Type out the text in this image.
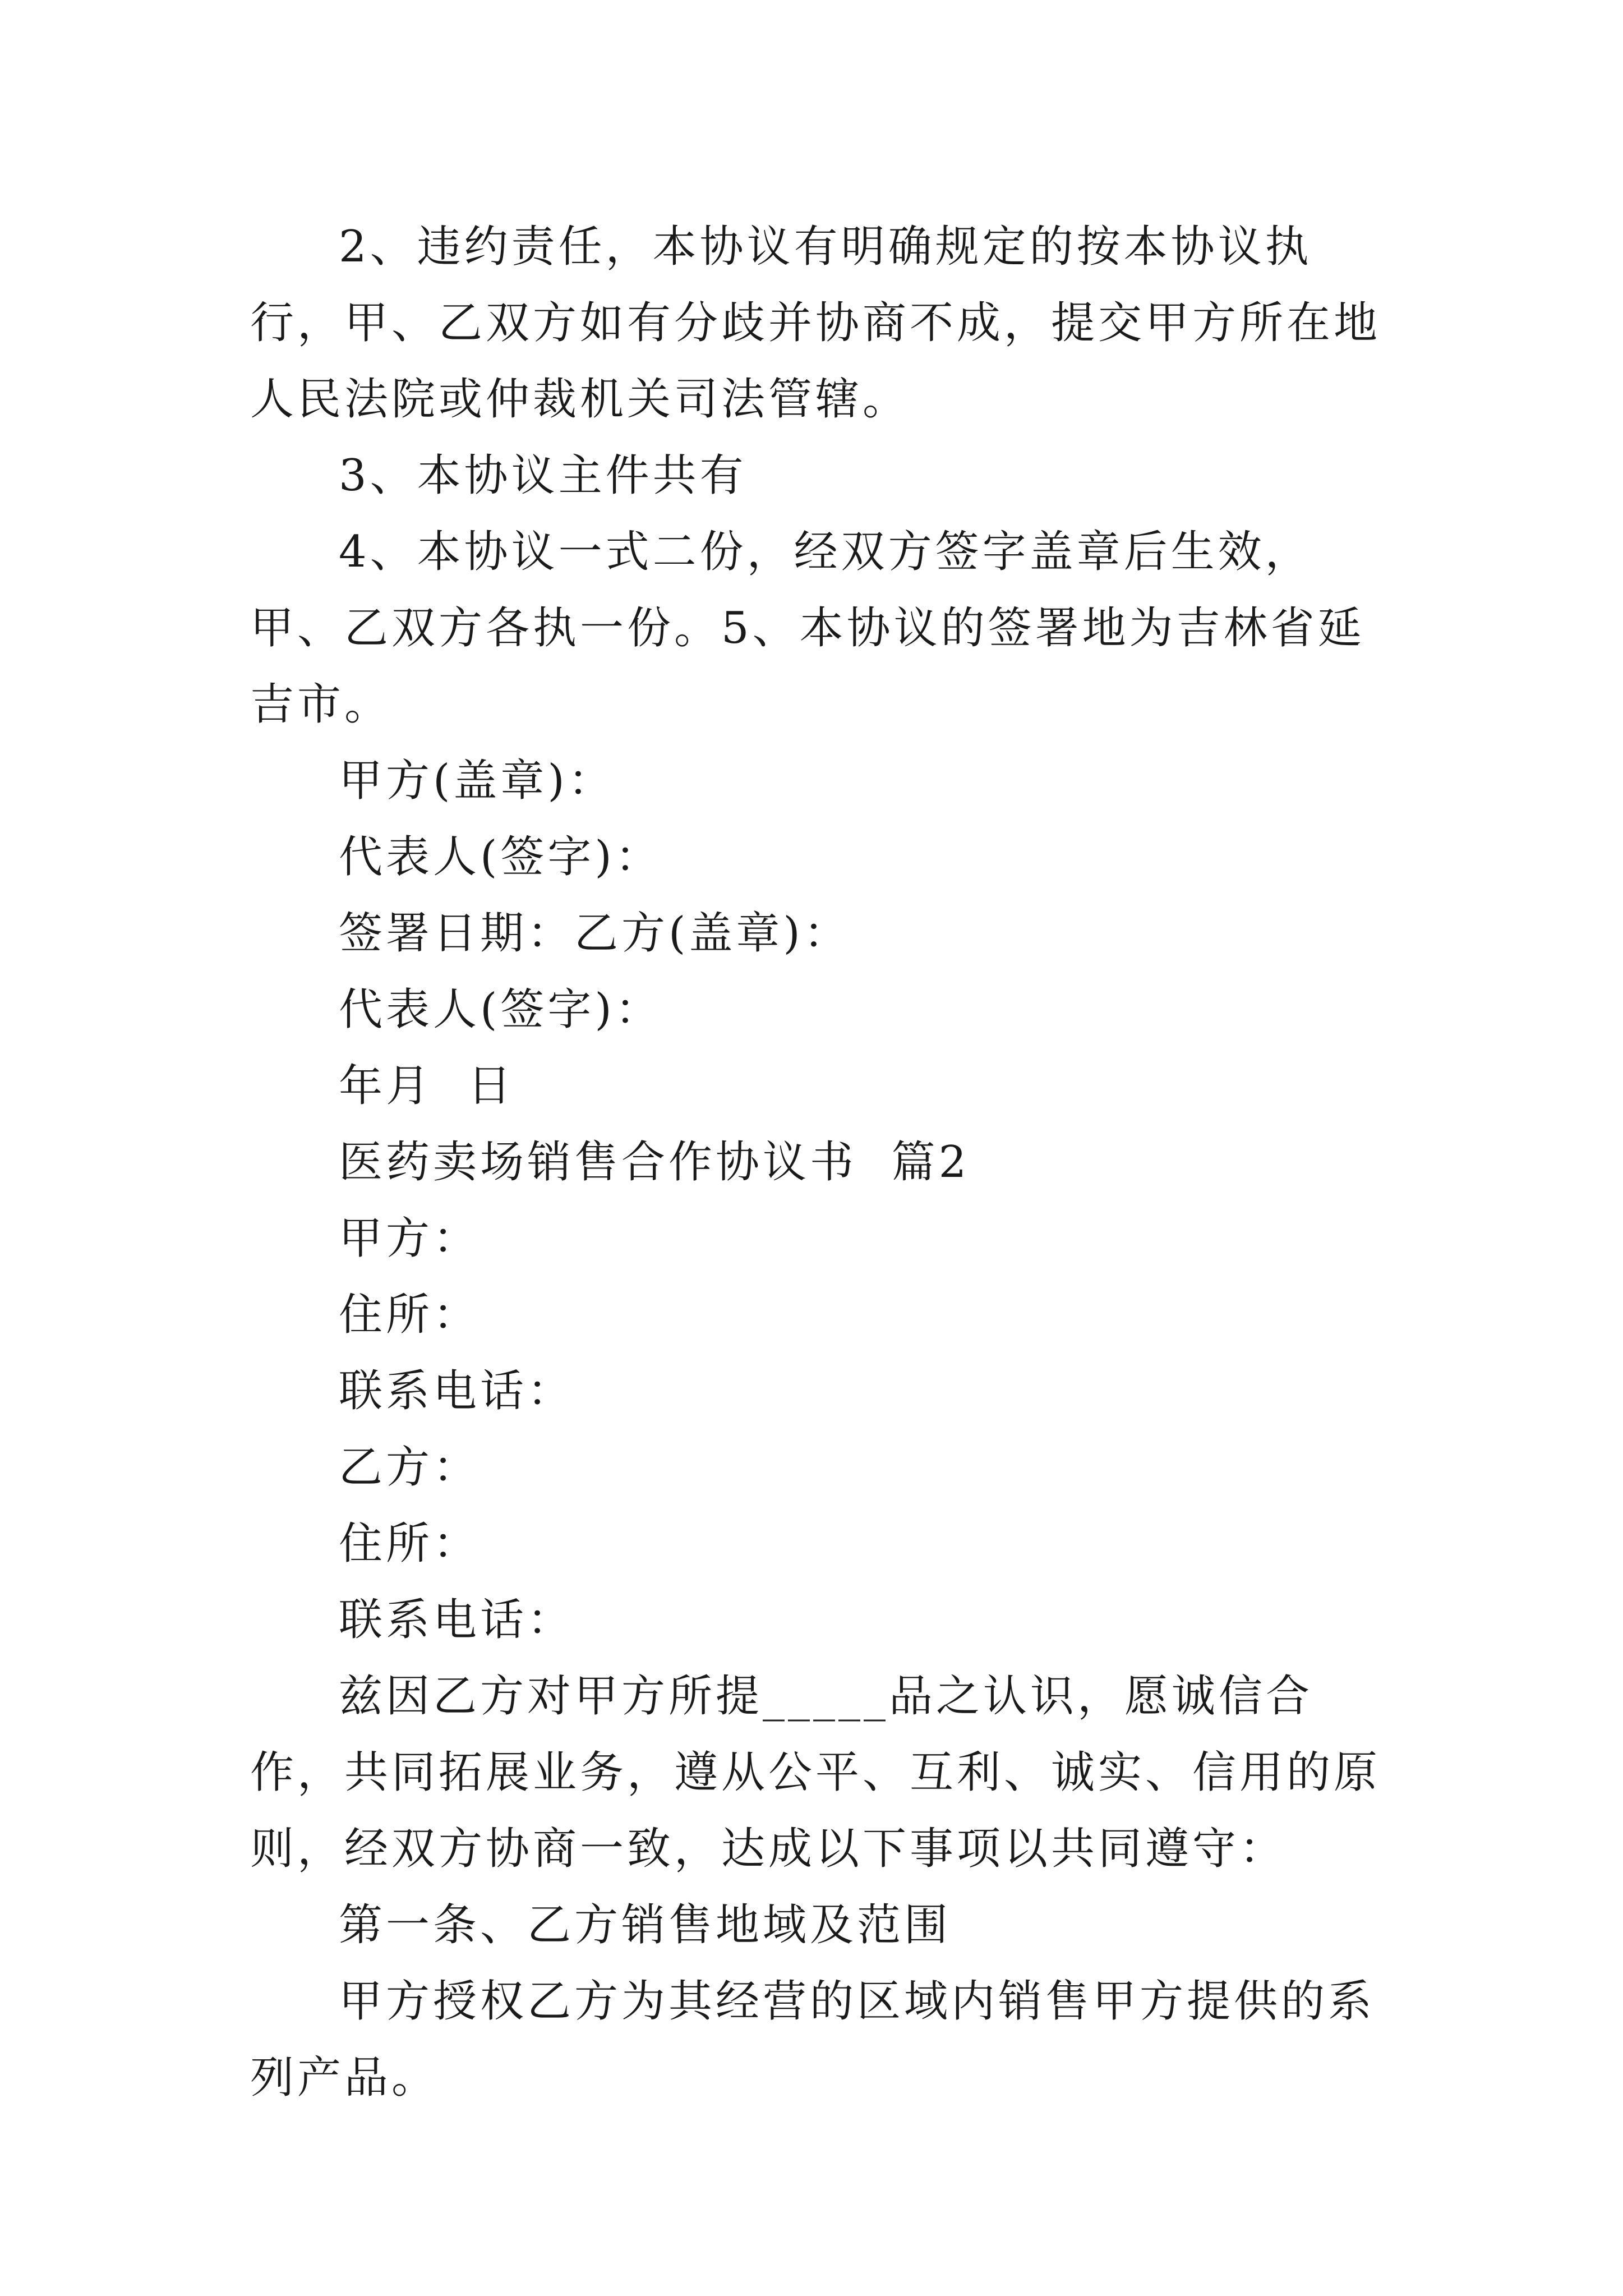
2、违约责任，本协议有明确规定的按本协议执行，甲、乙双方如有分歧并协商不成，提交甲方所在地人民法院或仲裁机关司法管辖。

3、本协议主件共有

4、本协议一式二份，经双方签字盖章后生效，甲、乙双方各执一份。5、本协议的签署地为吉林省延吉市。

甲方(盖章)：

代表人(签字)：

签署日期：乙方(盖章)：

代表人(签字)：

年月  日

医药卖场销售合作协议书  篇2

甲方：

住所：

联系电话：

乙方：

住所：

联系电话：

兹因乙方对甲方所提_____品之认识，愿诚信合作，共同拓展业务，遵从公平、互利、诚实、信用的原则，经双方协商一致，达成以下事项以共同遵守：

第一条、乙方销售地域及范围

甲方授权乙方为其经营的区域内销售甲方提供的系列产品。
